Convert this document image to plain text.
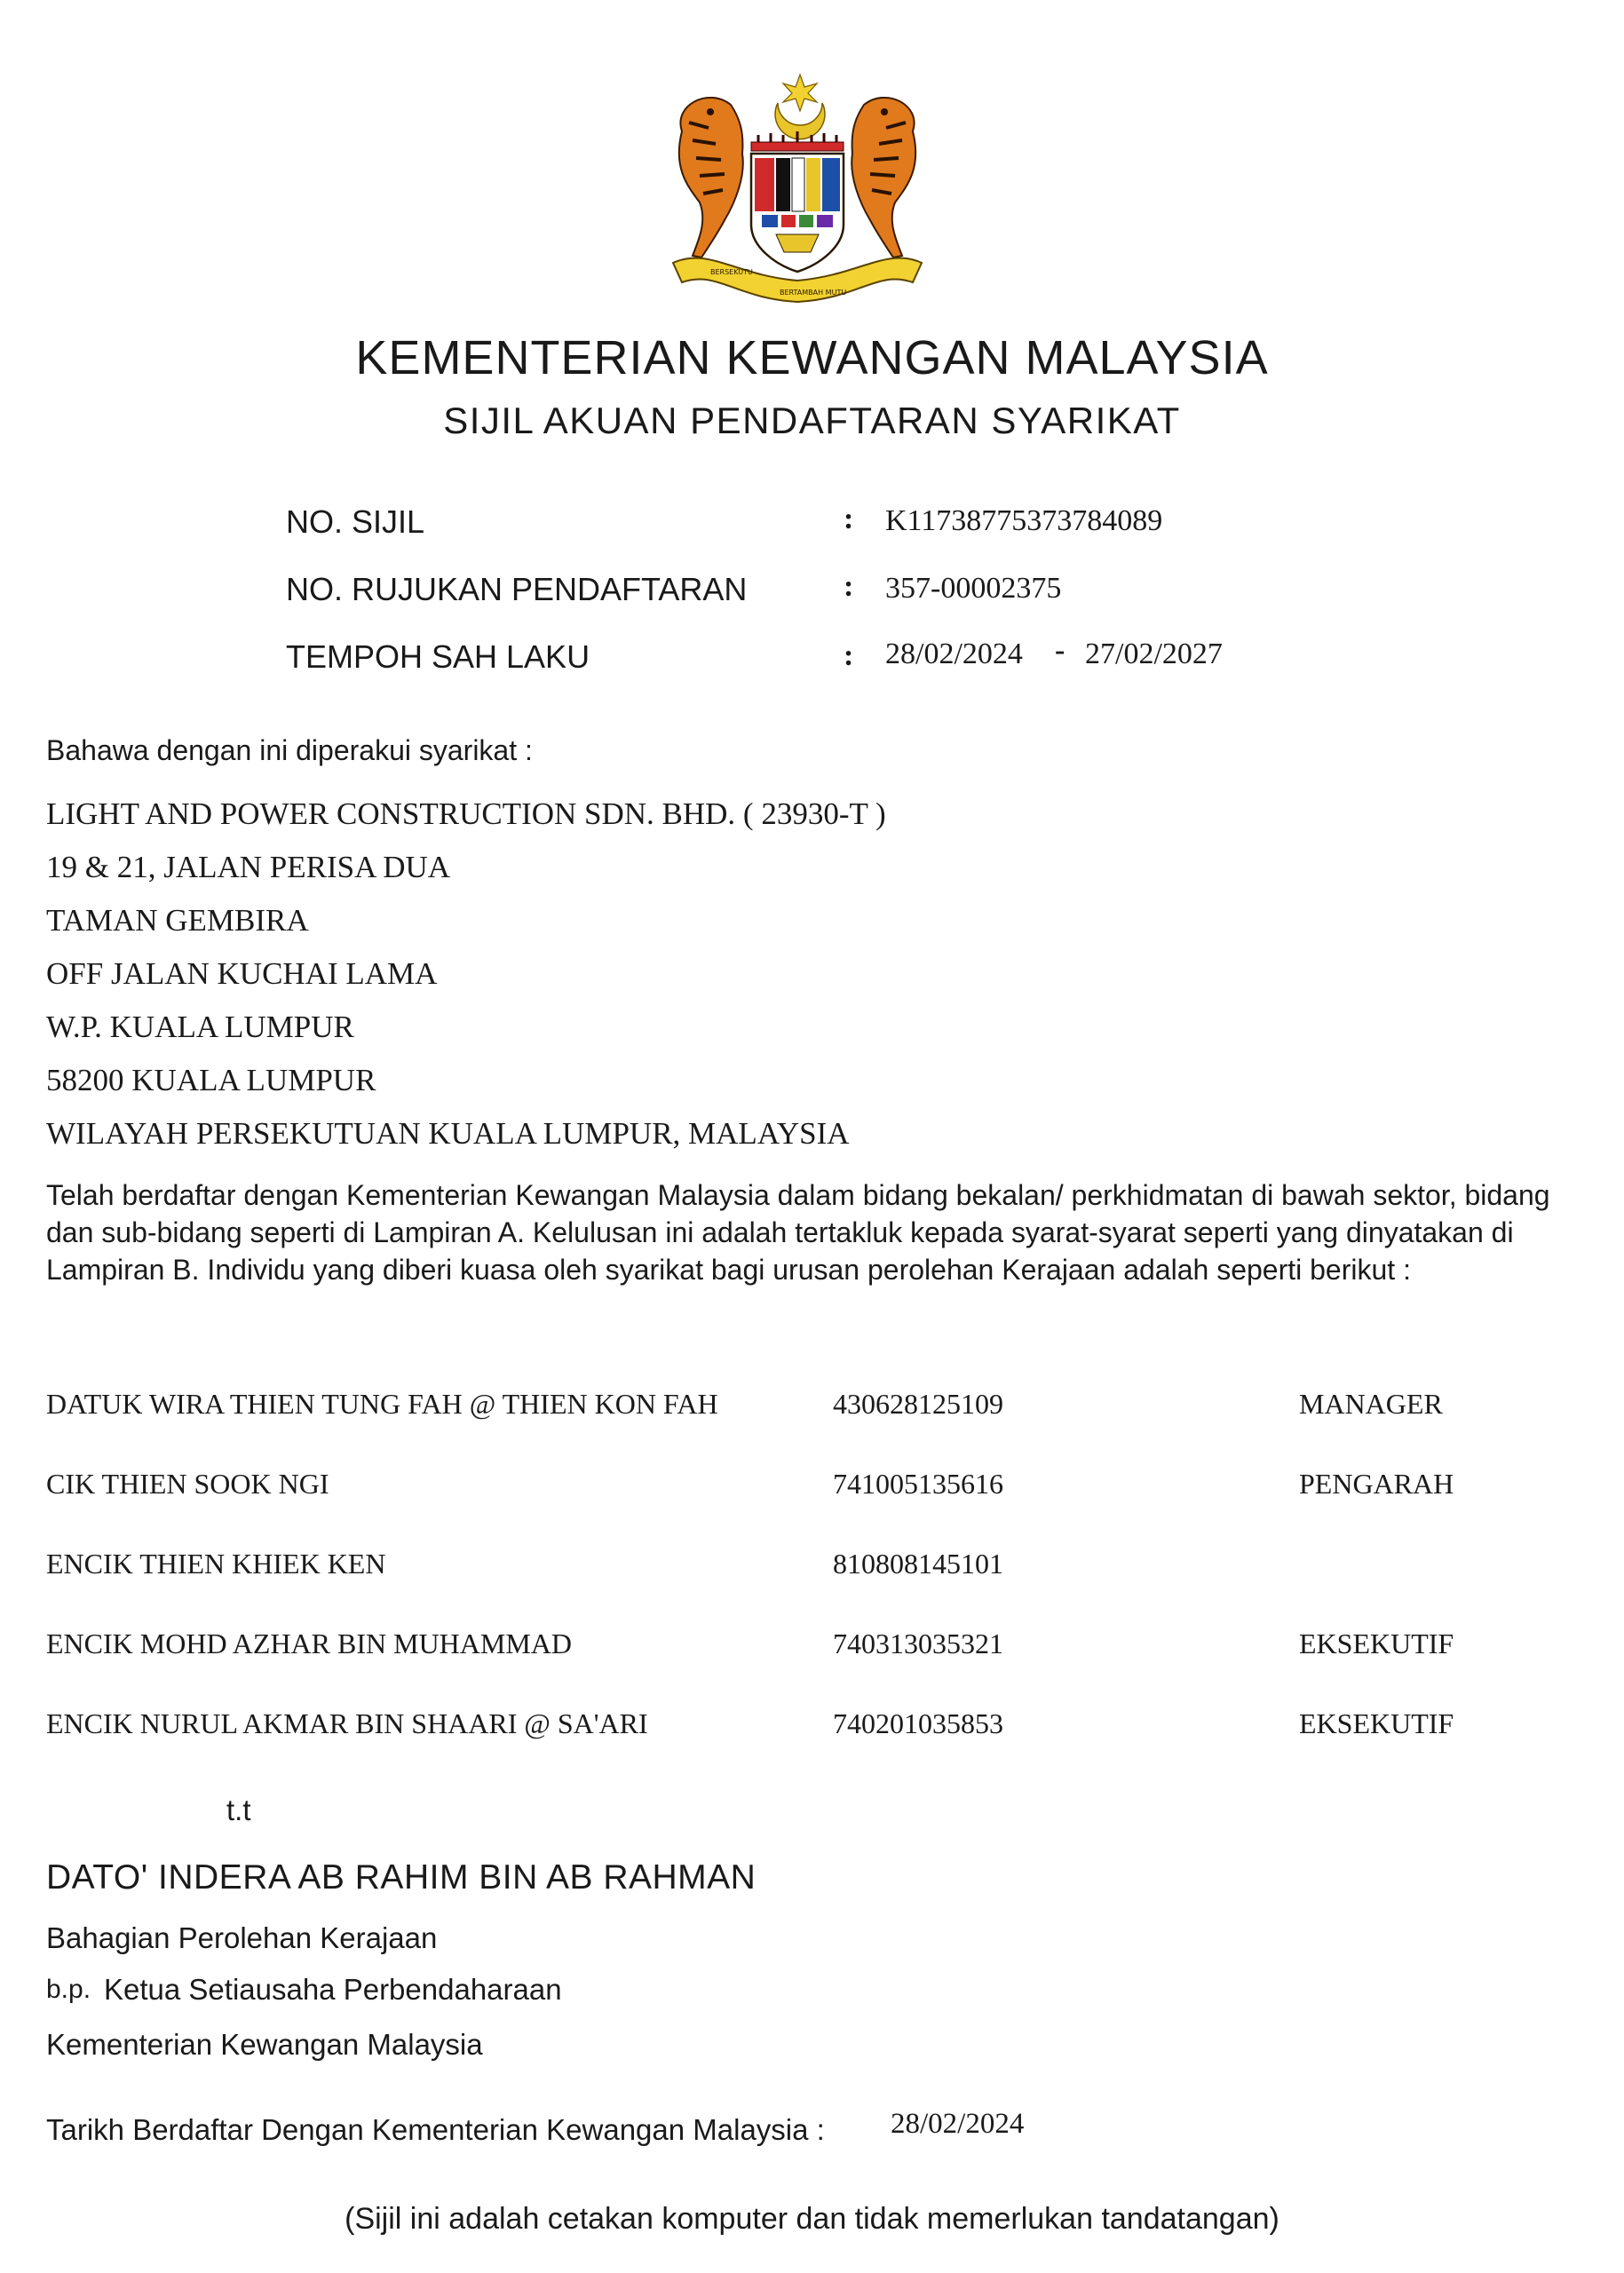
BERSEKUTU
BERTAMBAH MUTU
KEMENTERIAN KEWANGAN MALAYSIA
SIJIL AKUAN PENDAFTARAN SYARIKAT
NO. SIJIL	: K11738775373784089
NO. RUJUKAN PENDAFTARAN	: 357-00002375
TEMPOH SAH LAKU	: 28/02/2024 - 27/02/2027
Bahawa dengan ini diperakui syarikat :
LIGHT AND POWER CONSTRUCTION SDN. BHD. ( 23930-T )
19 & 21, JALAN PERISA DUA
TAMAN GEMBIRA
OFF JALAN KUCHAI LAMA
W.P. KUALA LUMPUR
58200 KUALA LUMPUR
WILAYAH PERSEKUTUAN KUALA LUMPUR, MALAYSIA
Telah berdaftar dengan Kementerian Kewangan Malaysia dalam bidang bekalan/ perkhidmatan di bawah sektor, bidang
dan sub-bidang seperti di Lampiran A. Kelulusan ini adalah tertakluk kepada syarat-syarat seperti yang dinyatakan di
Lampiran B. Individu yang diberi kuasa oleh syarikat bagi urusan perolehan Kerajaan adalah seperti berikut :
DATUK WIRA THIEN TUNG FAH @ THIEN KON FAH	430628125109	MANAGER
CIK THIEN SOOK NGI	741005135616	PENGARAH
ENCIK THIEN KHIEK KEN	810808145101
ENCIK MOHD AZHAR BIN MUHAMMAD	740313035321	EKSEKUTIF
ENCIK NURUL AKMAR BIN SHAARI @ SA'ARI	740201035853	EKSEKUTIF
t.t
DATO' INDERA AB RAHIM BIN AB RAHMAN
Bahagian Perolehan Kerajaan
b.p. Ketua Setiausaha Perbendaharaan
Kementerian Kewangan Malaysia
Tarikh Berdaftar Dengan Kementerian Kewangan Malaysia : 28/02/2024
(Sijil ini adalah cetakan komputer dan tidak memerlukan tandatangan)
